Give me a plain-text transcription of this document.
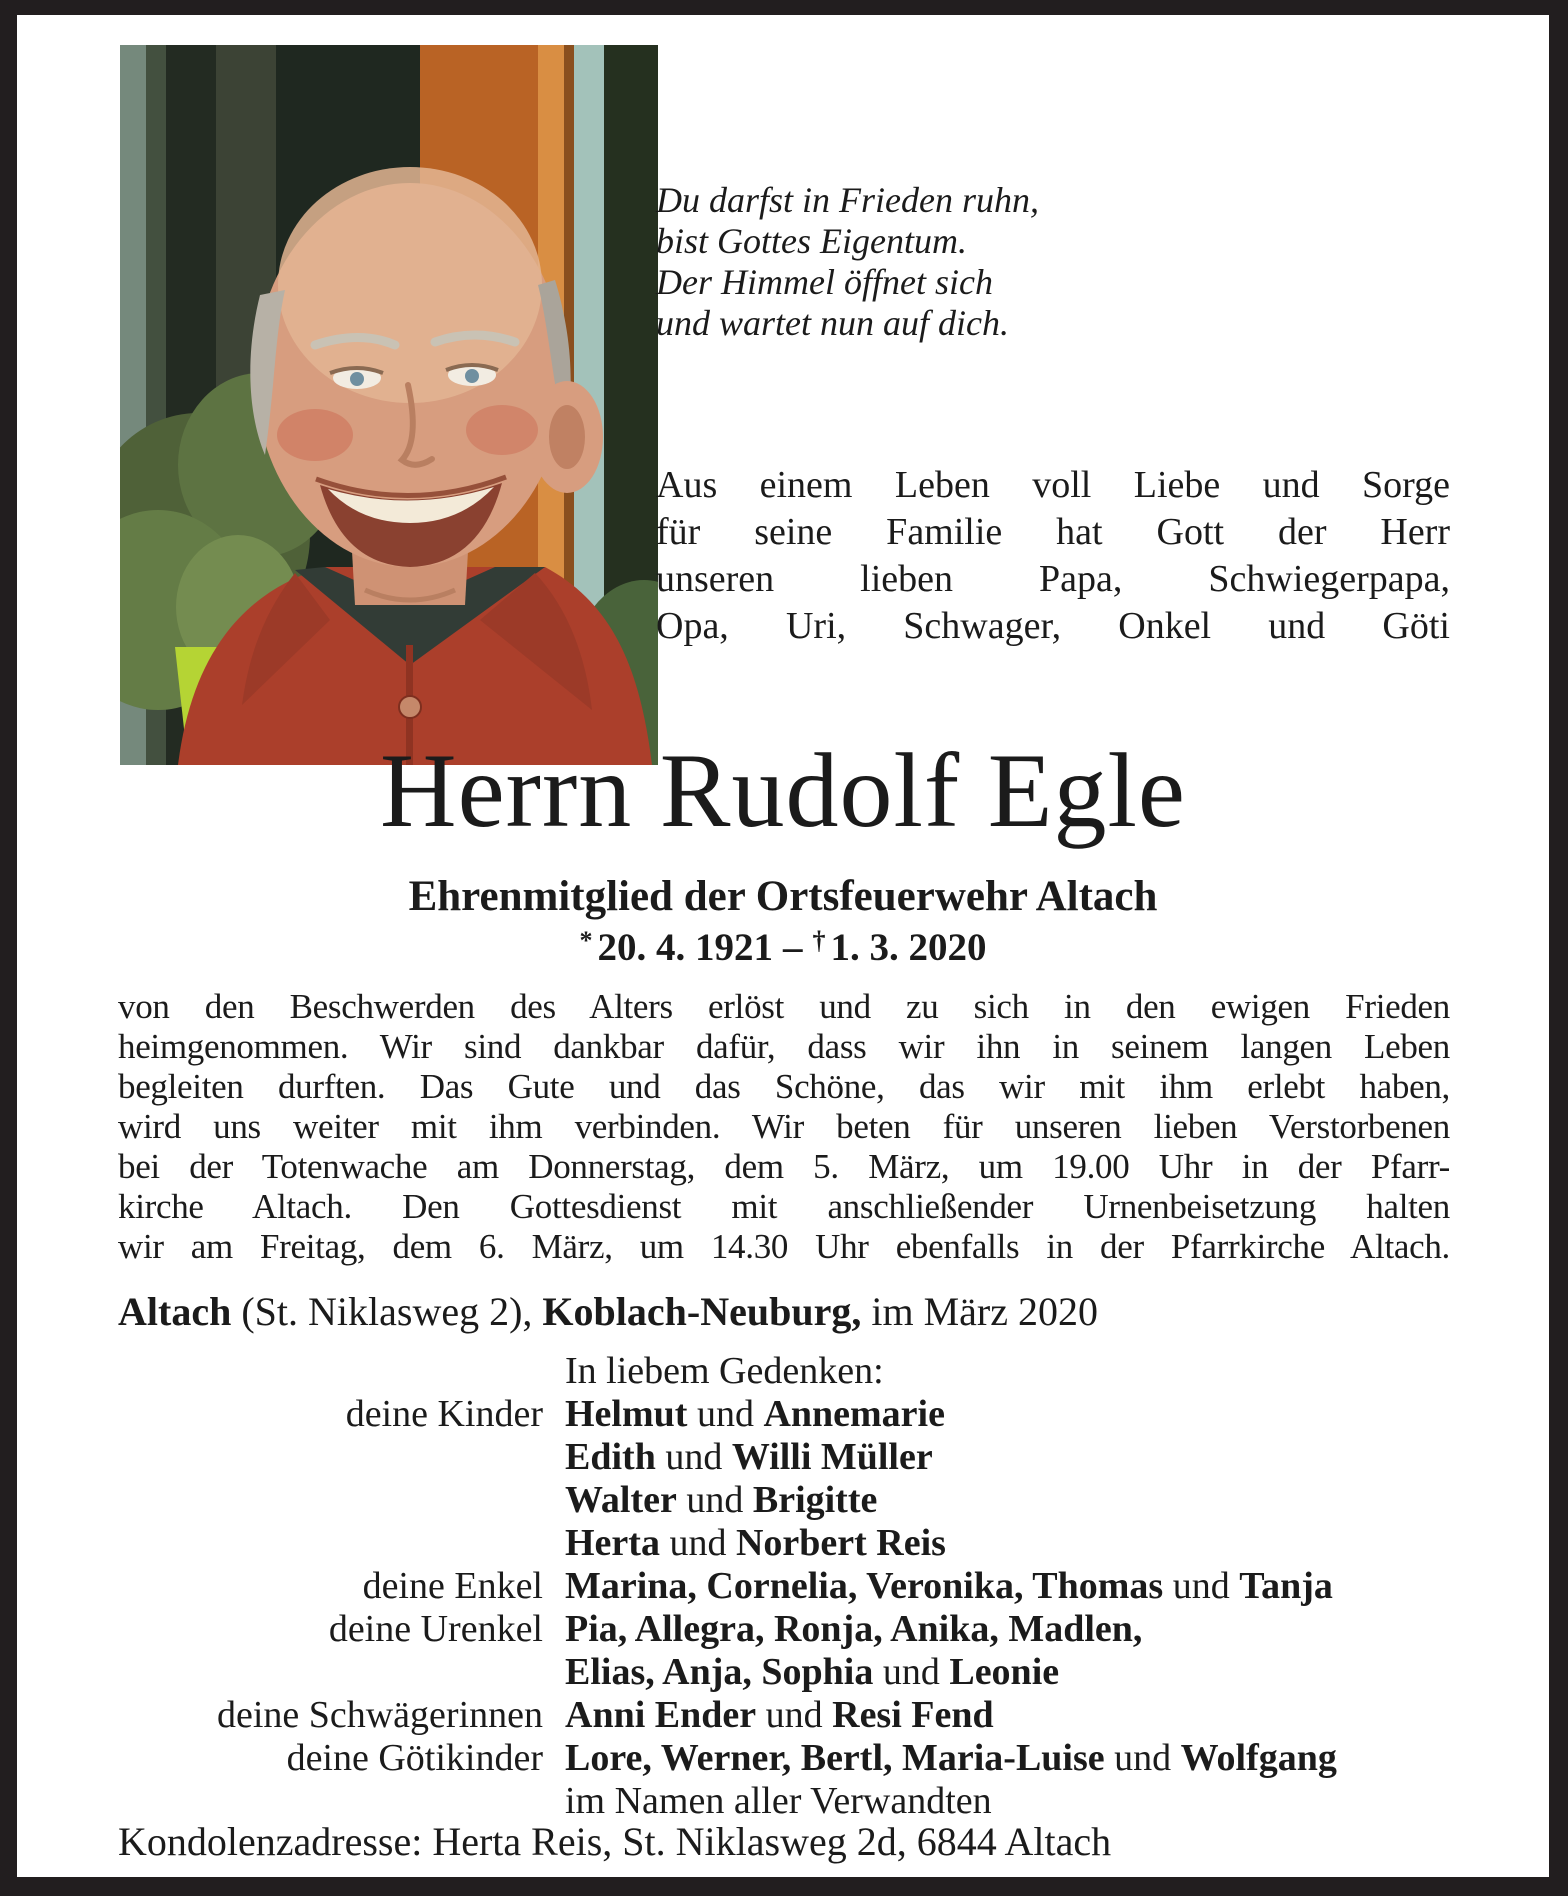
Du darfst in Frieden ruhn,
bist Gottes Eigentum.
Der Himmel öffnet sich
und wartet nun auf dich.
Aus einem Leben voll Liebe und Sorge
für seine Familie hat Gott der Herr
unseren lieben Papa, Schwiegerpapa,
Opa, Uri, Schwager, Onkel und Göti
Herrn Rudolf Egle
Ehrenmitglied der Ortsfeuerwehr Altach
* 20. 4. 1921 – † 1. 3. 2020
von den Beschwerden des Alters erlöst und zu sich in den ewigen Frieden
heimgenommen. Wir sind dankbar dafür, dass wir ihn in seinem langen Leben
begleiten durften. Das Gute und das Schöne, das wir mit ihm erlebt haben,
wird uns weiter mit ihm verbinden. Wir beten für unseren lieben Verstorbenen
bei der Totenwache am Donnerstag, dem 5. März, um 19.00 Uhr in der Pfarr-
kirche Altach. Den Gottesdienst mit anschließender Urnenbeisetzung halten
wir am Freitag, dem 6. März, um 14.30 Uhr ebenfalls in der Pfarrkirche Altach.
Altach (St. Niklasweg 2), Koblach-Neuburg, im März 2020
In liebem Gedenken:
deine Kinder Helmut und Annemarie
Edith und Willi Müller
Walter und Brigitte
Herta und Norbert Reis
deine Enkel Marina, Cornelia, Veronika, Thomas und Tanja
deine Urenkel Pia, Allegra, Ronja, Anika, Madlen,
Elias, Anja, Sophia und Leonie
deine Schwägerinnen Anni Ender und Resi Fend
deine Götikinder Lore, Werner, Bertl, Maria-Luise und Wolfgang
im Namen aller Verwandten
Kondolenzadresse: Herta Reis, St. Niklasweg 2d, 6844 Altach
